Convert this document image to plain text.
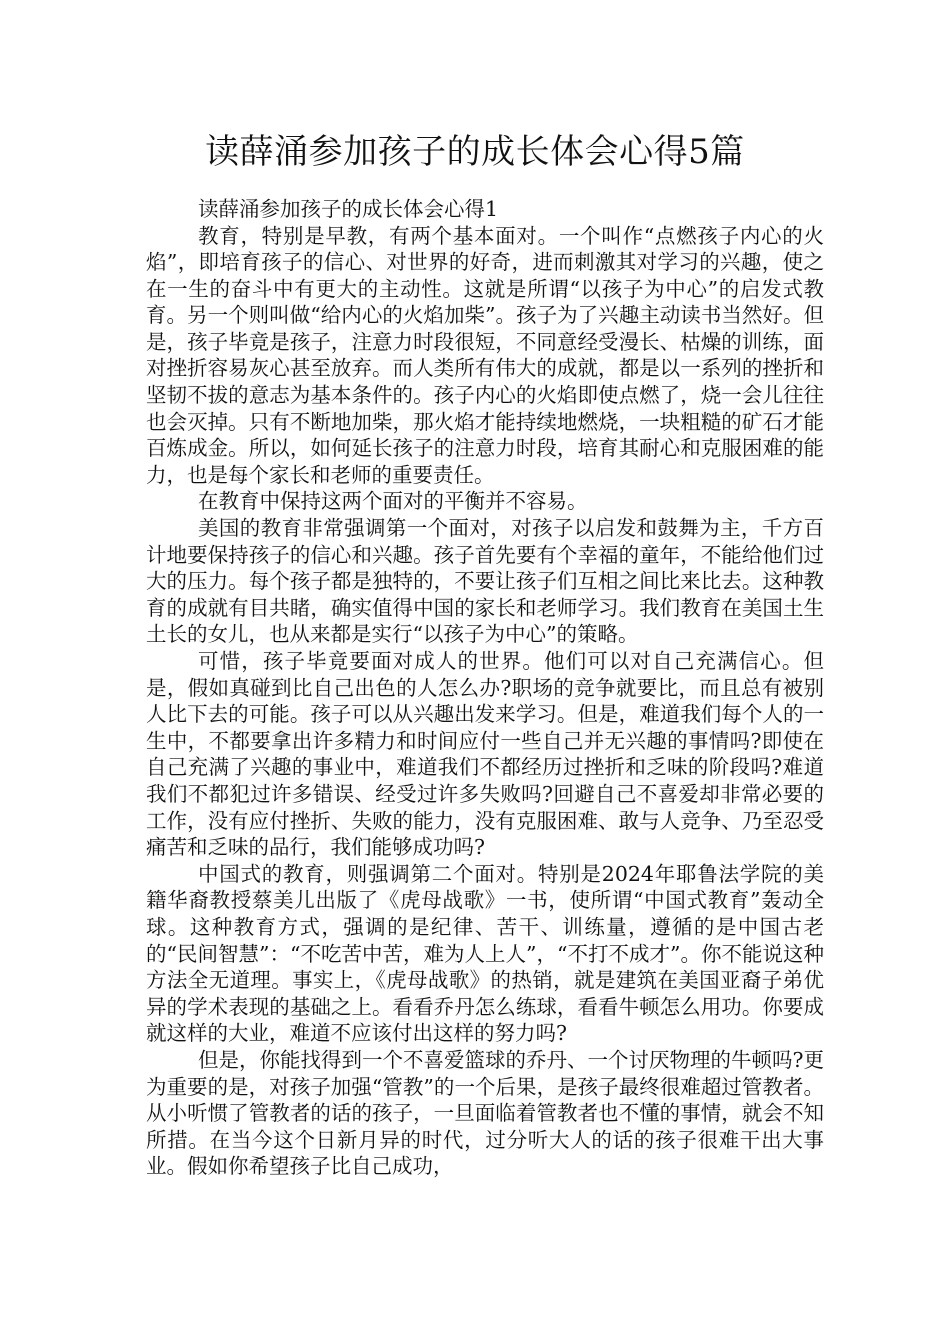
读薛涌参加孩子的成长体会心得5篇

读薛涌参加孩子的成长体会心得1

教育，特别是早教，有两个基本面对。一个叫作“点燃孩子内心的火焰”，即培育孩子的信心、对世界的好奇，进而刺激其对学习的兴趣，使之在一生的奋斗中有更大的主动性。这就是所谓“以孩子为中心”的启发式教育。另一个则叫做“给内心的火焰加柴”。孩子为了兴趣主动读书当然好。但是，孩子毕竟是孩子，注意力时段很短，不同意经受漫长、枯燥的训练，面对挫折容易灰心甚至放弃。而人类所有伟大的成就，都是以一系列的挫折和坚韧不拔的意志为基本条件的。孩子内心的火焰即使点燃了，烧一会儿往往也会灭掉。只有不断地加柴，那火焰才能持续地燃烧，一块粗糙的矿石才能百炼成金。所以，如何延长孩子的注意力时段，培育其耐心和克服困难的能力，也是每个家长和老师的重要责任。

在教育中保持这两个面对的平衡并不容易。

美国的教育非常强调第一个面对，对孩子以启发和鼓舞为主，千方百计地要保持孩子的信心和兴趣。孩子首先要有个幸福的童年，不能给他们过大的压力。每个孩子都是独特的，不要让孩子们互相之间比来比去。这种教育的成就有目共睹，确实值得中国的家长和老师学习。我们教育在美国土生土长的女儿，也从来都是实行“以孩子为中心”的策略。

可惜，孩子毕竟要面对成人的世界。他们可以对自己充满信心。但是，假如真碰到比自己出色的人怎么办?职场的竞争就要比，而且总有被别人比下去的可能。孩子可以从兴趣出发来学习。但是，难道我们每个人的一生中，不都要拿出许多精力和时间应付一些自己并无兴趣的事情吗?即使在自己充满了兴趣的事业中，难道我们不都经历过挫折和乏味的阶段吗?难道我们不都犯过许多错误、经受过许多失败吗?回避自己不喜爱却非常必要的工作，没有应付挫折、失败的能力，没有克服困难、敢与人竞争、乃至忍受痛苦和乏味的品行，我们能够成功吗?

中国式的教育，则强调第二个面对。特别是2024年耶鲁法学院的美籍华裔教授蔡美儿出版了《虎母战歌》一书，使所谓“中国式教育”轰动全球。这种教育方式，强调的是纪律、苦干、训练量，遵循的是中国古老的“民间智慧”：“不吃苦中苦，难为人上人”，“不打不成才”。你不能说这种方法全无道理。事实上，《虎母战歌》的热销，就是建筑在美国亚裔子弟优异的学术表现的基础之上。看看乔丹怎么练球，看看牛顿怎么用功。你要成就这样的大业，难道不应该付出这样的努力吗?

但是，你能找得到一个不喜爱篮球的乔丹、一个讨厌物理的牛顿吗?更为重要的是，对孩子加强“管教”的一个后果，是孩子最终很难超过管教者。从小听惯了管教者的话的孩子，一旦面临着管教者也不懂的事情，就会不知所措。在当今这个日新月异的时代，过分听大人的话的孩子很难干出大事业。假如你希望孩子比自己成功，
